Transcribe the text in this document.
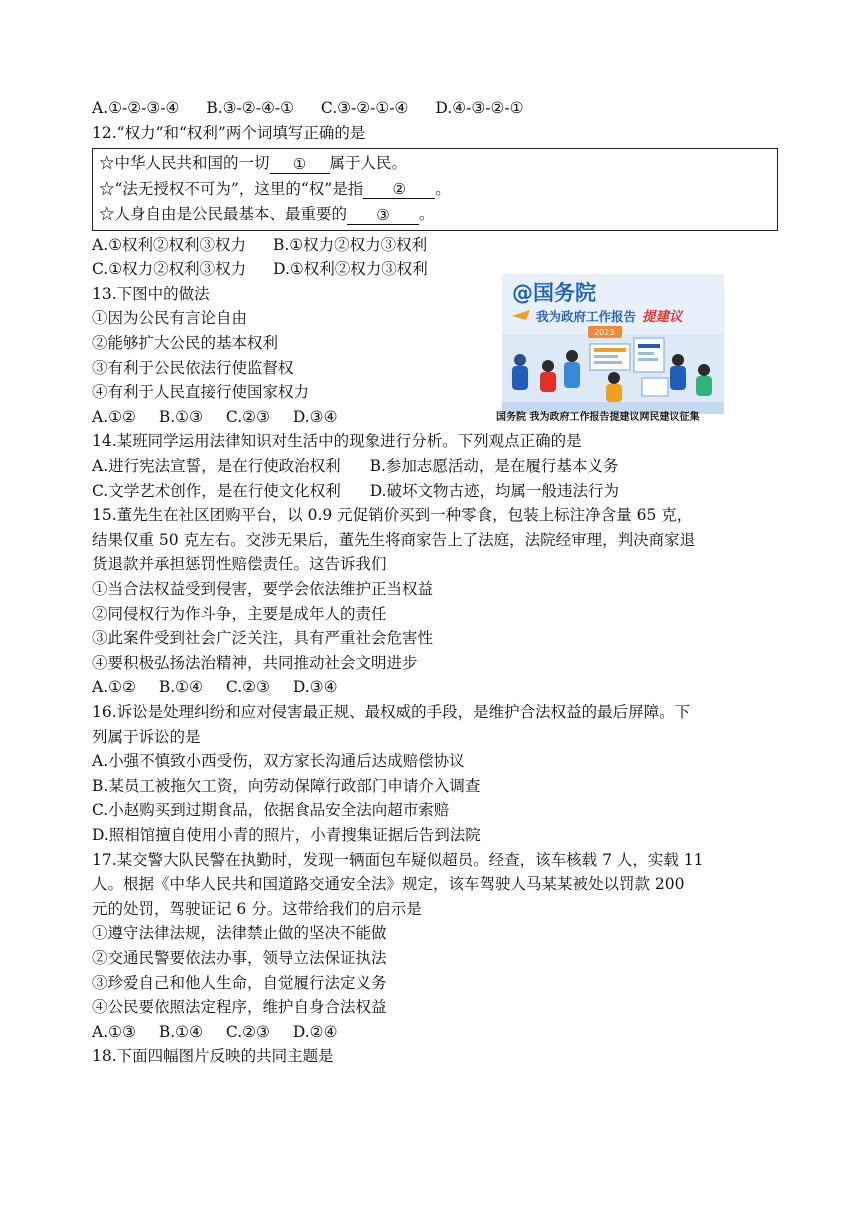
A.①-②-③-④ B.③-②-④-① C.③-②-①-④ D.④-③-②-①
12.“权力”和“权利”两个词填写正确的是
☆中华人民共和国的一切 ① 属于人民。
☆“法无授权不可为”，这里的“权”是指 ② 。
☆人身自由是公民最基本、最重要的 ③ 。
A.①权利②权利③权力 B.①权力②权力③权利
C.①权力②权利③权力 D.①权利②权力③权利
13.下图中的做法
①因为公民有言论自由
②能够扩大公民的基本权利
③有利于公民依法行使监督权
④有利于人民直接行使国家权力
A.①② B.①③ C.②③ D.③④
@国务院
我为政府工作报告 提建议
2023
国务院 我为政府工作报告提建议网民建议征集
14.某班同学运用法律知识对生活中的现象进行分析。下列观点正确的是
A.进行宪法宣誓，是在行使政治权利 B.参加志愿活动，是在履行基本义务
C.文学艺术创作，是在行使文化权利 D.破坏文物古迹，均属一般违法行为
15.董先生在社区团购平台，以 0.9 元促销价买到一种零食，包装上标注净含量 65 克，
结果仅重 50 克左右。交涉无果后，董先生将商家告上了法庭，法院经审理，判决商家退
货退款并承担惩罚性赔偿责任。这告诉我们
①当合法权益受到侵害，要学会依法维护正当权益
②同侵权行为作斗争，主要是成年人的责任
③此案件受到社会广泛关注，具有严重社会危害性
④要积极弘扬法治精神，共同推动社会文明进步
A.①② B.①④ C.②③ D.③④
16.诉讼是处理纠纷和应对侵害最正规、最权威的手段，是维护合法权益的最后屏障。下
列属于诉讼的是
A.小强不慎致小西受伤，双方家长沟通后达成赔偿协议
B.某员工被拖欠工资，向劳动保障行政部门申请介入调查
C.小赵购买到过期食品，依据食品安全法向超市索赔
D.照相馆擅自使用小青的照片，小青搜集证据后告到法院
17.某交警大队民警在执勤时，发现一辆面包车疑似超员。经查，该车核载 7 人，实载 11
人。根据《中华人民共和国道路交通安全法》规定，该车驾驶人马某某被处以罚款 200
元的处罚，驾驶证记 6 分。这带给我们的启示是
①遵守法律法规，法律禁止做的坚决不能做
②交通民警要依法办事，领导立法保证执法
③珍爱自己和他人生命，自觉履行法定义务
④公民要依照法定程序，维护自身合法权益
A.①③ B.①④ C.②③ D.②④
18.下面四幅图片反映的共同主题是
